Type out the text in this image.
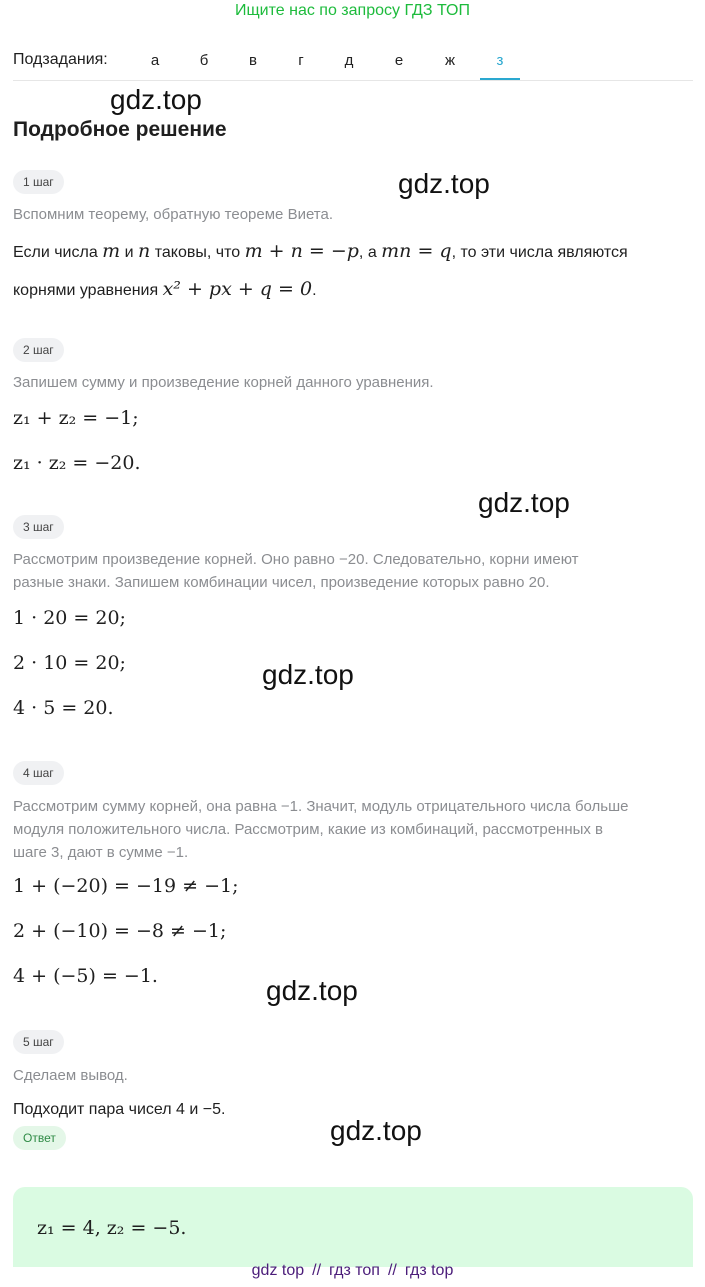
Ищите нас по запросу ГДЗ ТОП
Подзадания:	а	б	в	г	д	е	ж	з
gdz.top
Подробное решение
1 шаг	gdz.top
Вспомним теорему, обратную теореме Виета.
Если числа m и n таковы, что m + n = −p, а mn = q, то эти числа являются
корнями уравнения x² + px + q = 0.
2 шаг
Запишем сумму и произведение корней данного уравнения.
z₁ + z₂ = −1;
z₁ · z₂ = −20.
gdz.top
3 шаг
Рассмотрим произведение корней. Оно равно −20. Следовательно, корни имеют
разные знаки. Запишем комбинации чисел, произведение которых равно 20.
1 · 20 = 20;
2 · 10 = 20;	gdz.top
4 · 5 = 20.
4 шаг
Рассмотрим сумму корней, она равна −1. Значит, модуль отрицательного числа больше
модуля положительного числа. Рассмотрим, какие из комбинаций, рассмотренных в
шаге 3, дают в сумме −1.
1 + (−20) = −19 ≠ −1;
2 + (−10) = −8 ≠ −1;
4 + (−5) = −1.	gdz.top
5 шаг
Сделаем вывод.
Подходит пара чисел 4 и −5.
Ответ	gdz.top
z₁ = 4, z₂ = −5.
gdz top // гдз топ // гдз top
